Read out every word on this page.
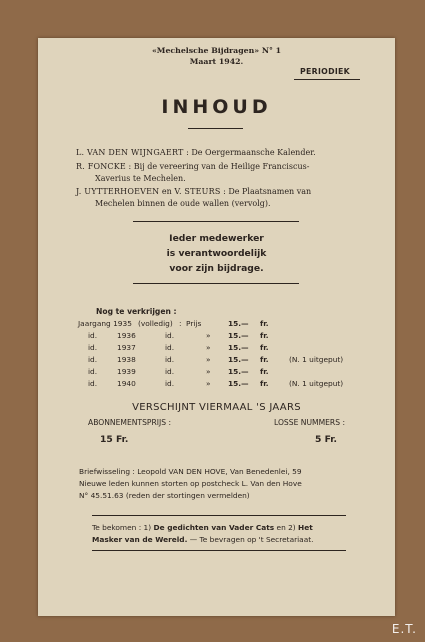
«Mechelsche Bijdragen» N° 1
Maart 1942.
PERIODIEK
INHOUD
L. VAN DEN WIJNGAERT : De Oergermaansche Kalender.
R. FONCKE : Bij de vereering van de Heilige Franciscus-
Xaverius te Mechelen.
J. UYTTERHOEVEN en V. STEURS : De Plaatsnamen van
Mechelen binnen de oude wallen (vervolg).
Ieder medewerker
is verantwoordelijk
voor zijn bijdrage.
Nog te verkrijgen :
Jaargang 1935 (volledig) : Prijs	15.— fr.
id.	1936	id.	» 15.— fr.
id.	1937	id.	» 15.— fr.
id.	1938	id.	» 15.— fr.	(N. 1 uitgeput)
id.	1939	id.	» 15.— fr.
id.	1940	id.	» 15.— fr.	(N. 1 uitgeput)
VERSCHIJNT VIERMAAL 'S JAARS
ABONNEMENTSPRIJS :	LOSSE NUMMERS :
15 Fr.	5 Fr.
Briefwisseling : Leopold VAN DEN HOVE, Van Benedenlei, 59
Nieuwe leden kunnen storten op postcheck L. Van den Hove
N° 45.51.63 (reden der stortingen vermelden)
Te bekomen : 1) De gedichten van Vader Cats en 2) Het
Masker van de Wereld. — Te bevragen op 't Secretariaat.
E.T.
